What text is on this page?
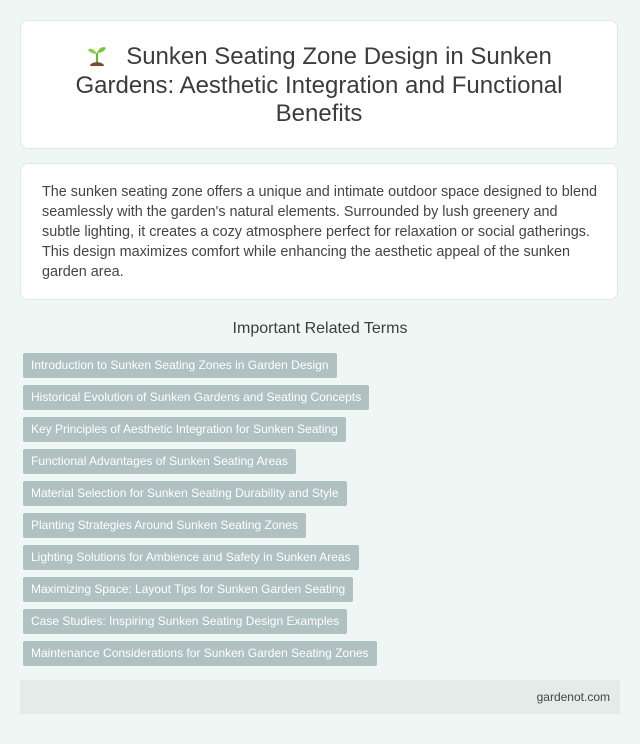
Sunken Seating Zone Design in Sunken Gardens: Aesthetic Integration and Functional Benefits

The sunken seating zone offers a unique and intimate outdoor space designed to blend seamlessly with the garden's natural elements. Surrounded by lush greenery and subtle lighting, it creates a cozy atmosphere perfect for relaxation or social gatherings. This design maximizes comfort while enhancing the aesthetic appeal of the sunken garden area.

Important Related Terms
Introduction to Sunken Seating Zones in Garden Design
Historical Evolution of Sunken Gardens and Seating Concepts
Key Principles of Aesthetic Integration for Sunken Seating
Functional Advantages of Sunken Seating Areas
Material Selection for Sunken Seating Durability and Style
Planting Strategies Around Sunken Seating Zones
Lighting Solutions for Ambience and Safety in Sunken Areas
Maximizing Space: Layout Tips for Sunken Garden Seating
Case Studies: Inspiring Sunken Seating Design Examples
Maintenance Considerations for Sunken Garden Seating Zones
gardenot.com
